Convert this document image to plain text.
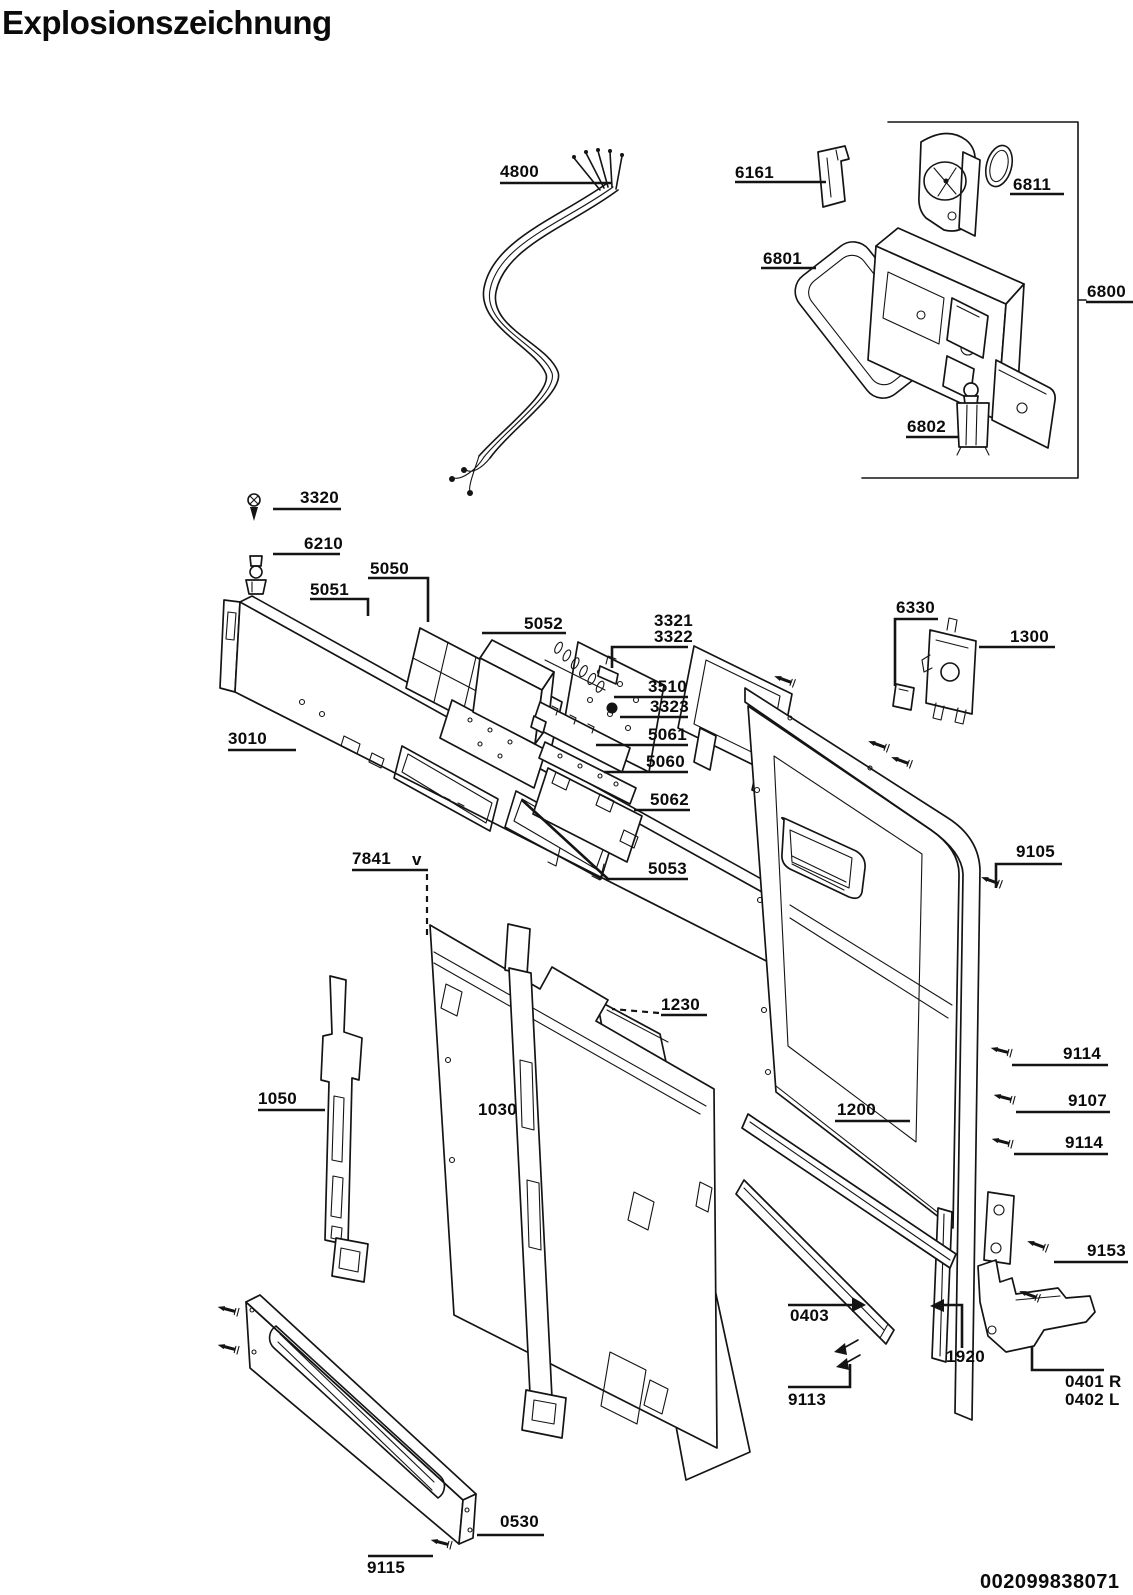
Explosionszeichnung
002099838071
4800	6161
6811
6801
6800
6802
3320
6210
5051
5050
5052	3321
3322
3510
3323
5061
5060
5062
3010
7841 v	5053
6330
1300
9105
1230
1050
1030	1200
9114
9107
9114
9153
0403
1920
9113
0401 R
0402 L
0530
9115
